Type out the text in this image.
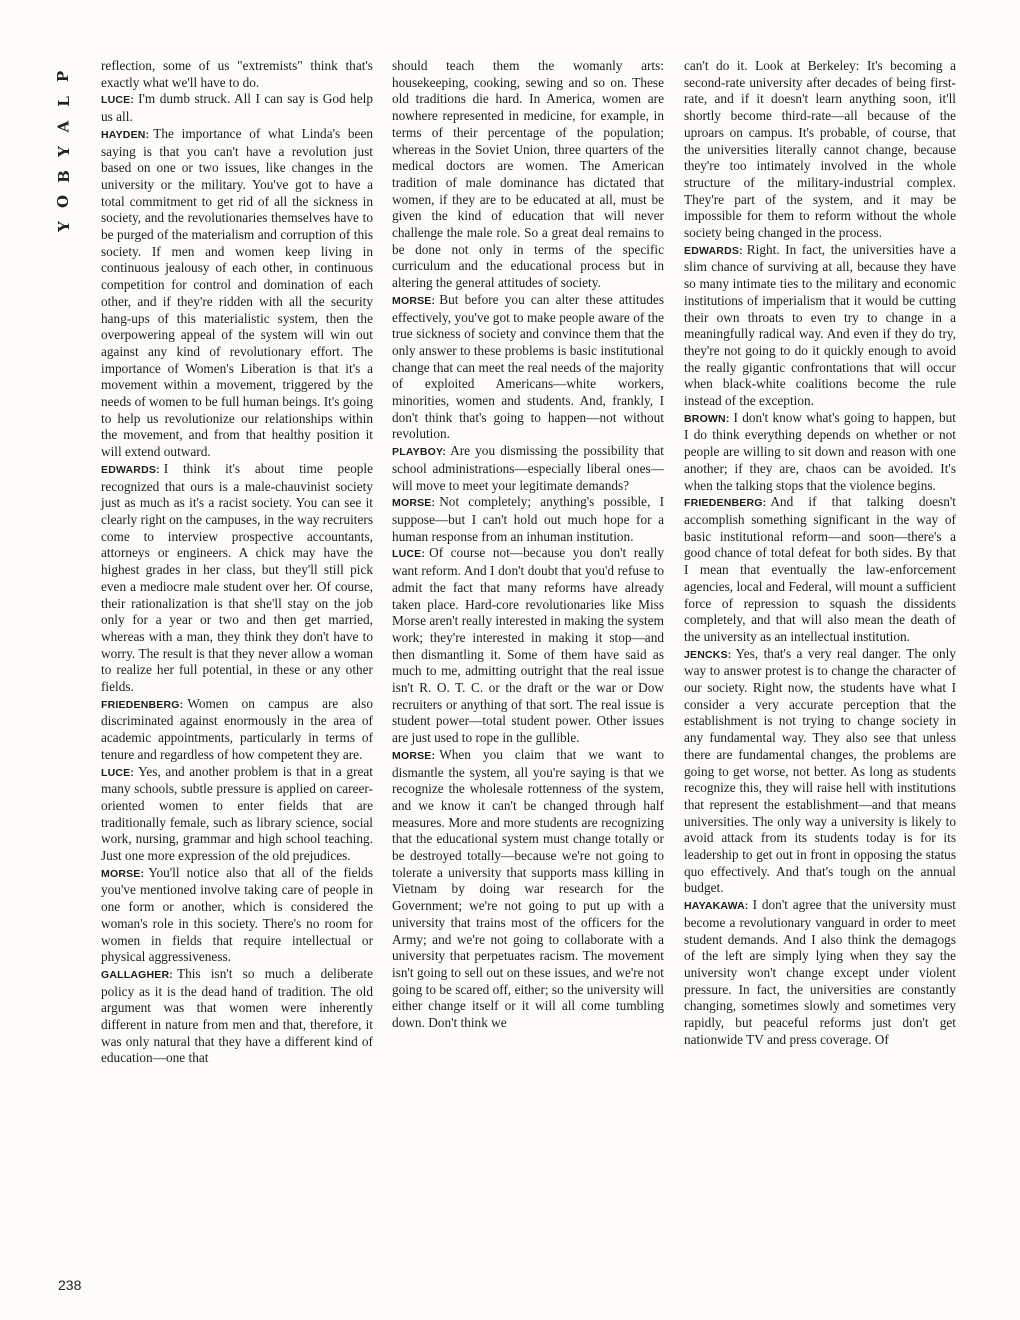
P
L
A
Y
B
O
Y

reflection, some of us "extremists" think that's exactly what we'll have to do.

LUCE: I'm dumb struck. All I can say is God help us all.

HAYDEN: The importance of what Linda's been saying is that you can't have a revolution just based on one or two issues, like changes in the university or the military. You've got to have a total commitment to get rid of all the sickness in society, and the revolutionaries themselves have to be purged of the materialism and corruption of this society. If men and women keep living in continuous jealousy of each other, in continuous competition for control and domination of each other, and if they're ridden with all the security hang-ups of this materialistic system, then the overpowering appeal of the system will win out against any kind of revolutionary effort. The importance of Women's Liberation is that it's a movement within a movement, triggered by the needs of women to be full human beings. It's going to help us revolutionize our relationships within the movement, and from that healthy position it will extend outward.

EDWARDS: I think it's about time people recognized that ours is a male-chauvinist society just as much as it's a racist society. You can see it clearly right on the campuses, in the way recruiters come to interview prospective accountants, attorneys or engineers. A chick may have the highest grades in her class, but they'll still pick even a mediocre male student over her. Of course, their rationalization is that she'll stay on the job only for a year or two and then get married, whereas with a man, they think they don't have to worry. The result is that they never allow a woman to realize her full potential, in these or any other fields.

FRIEDENBERG: Women on campus are also discriminated against enormously in the area of academic appointments, particularly in terms of tenure and regardless of how competent they are.

LUCE: Yes, and another problem is that in a great many schools, subtle pressure is applied on career-oriented women to enter fields that are traditionally female, such as library science, social work, nursing, grammar and high school teaching. Just one more expression of the old prejudices.

MORSE: You'll notice also that all of the fields you've mentioned involve taking care of people in one form or another, which is considered the woman's role in this society. There's no room for women in fields that require intellectual or physical aggressiveness.

GALLAGHER: This isn't so much a deliberate policy as it is the dead hand of tradition. The old argument was that women were inherently different in nature from men and that, therefore, it was only natural that they have a different kind of education—one that

should teach them the womanly arts: housekeeping, cooking, sewing and so on. These old traditions die hard. In America, women are nowhere represented in medicine, for example, in terms of their percentage of the population; whereas in the Soviet Union, three quarters of the medical doctors are women. The American tradition of male dominance has dictated that women, if they are to be educated at all, must be given the kind of education that will never challenge the male role. So a great deal remains to be done not only in terms of the specific curriculum and the educational process but in altering the general attitudes of society.

MORSE: But before you can alter these attitudes effectively, you've got to make people aware of the true sickness of society and convince them that the only answer to these problems is basic institutional change that can meet the real needs of the majority of exploited Americans—white workers, minorities, women and students. And, frankly, I don't think that's going to happen—not without revolution.

PLAYBOY: Are you dismissing the possibility that school administrations—especially liberal ones—will move to meet your legitimate demands?

MORSE: Not completely; anything's possible, I suppose—but I can't hold out much hope for a human response from an inhuman institution.

LUCE: Of course not—because you don't really want reform. And I don't doubt that you'd refuse to admit the fact that many reforms have already taken place. Hard-core revolutionaries like Miss Morse aren't really interested in making the system work; they're interested in making it stop—and then dismantling it. Some of them have said as much to me, admitting outright that the real issue isn't R. O. T. C. or the draft or the war or Dow recruiters or anything of that sort. The real issue is student power—total student power. Other issues are just used to rope in the gullible.

MORSE: When you claim that we want to dismantle the system, all you're saying is that we recognize the wholesale rottenness of the system, and we know it can't be changed through half measures. More and more students are recognizing that the educational system must change totally or be destroyed totally—because we're not going to tolerate a university that supports mass killing in Vietnam by doing war research for the Government; we're not going to put up with a university that trains most of the officers for the Army; and we're not going to collaborate with a university that perpetuates racism. The movement isn't going to sell out on these issues, and we're not going to be scared off, either; so the university will either change itself or it will all come tumbling down. Don't think we

can't do it. Look at Berkeley: It's becoming a second-rate university after decades of being first-rate, and if it doesn't learn anything soon, it'll shortly become third-rate—all because of the uproars on campus. It's probable, of course, that the universities literally cannot change, because they're too intimately involved in the whole structure of the military-industrial complex. They're part of the system, and it may be impossible for them to reform without the whole society being changed in the process.

EDWARDS: Right. In fact, the universities have a slim chance of surviving at all, because they have so many intimate ties to the military and economic institutions of imperialism that it would be cutting their own throats to even try to change in a meaningfully radical way. And even if they do try, they're not going to do it quickly enough to avoid the really gigantic confrontations that will occur when black-white coalitions become the rule instead of the exception.

BROWN: I don't know what's going to happen, but I do think everything depends on whether or not people are willing to sit down and reason with one another; if they are, chaos can be avoided. It's when the talking stops that the violence begins.

FRIEDENBERG: And if that talking doesn't accomplish something significant in the way of basic institutional reform—and soon—there's a good chance of total defeat for both sides. By that I mean that eventually the law-enforcement agencies, local and Federal, will mount a sufficient force of repression to squash the dissidents completely, and that will also mean the death of the university as an intellectual institution.

JENCKS: Yes, that's a very real danger. The only way to answer protest is to change the character of our society. Right now, the students have what I consider a very accurate perception that the establishment is not trying to change society in any fundamental way. They also see that unless there are fundamental changes, the problems are going to get worse, not better. As long as students recognize this, they will raise hell with institutions that represent the establishment—and that means universities. The only way a university is likely to avoid attack from its students today is for its leadership to get out in front in opposing the status quo effectively. And that's tough on the annual budget.

HAYAKAWA: I don't agree that the university must become a revolutionary vanguard in order to meet student demands. And I also think the demagogs of the left are simply lying when they say the university won't change except under violent pressure. In fact, the universities are constantly changing, sometimes slowly and sometimes very rapidly, but peaceful reforms just don't get nationwide TV and press coverage. Of

238
